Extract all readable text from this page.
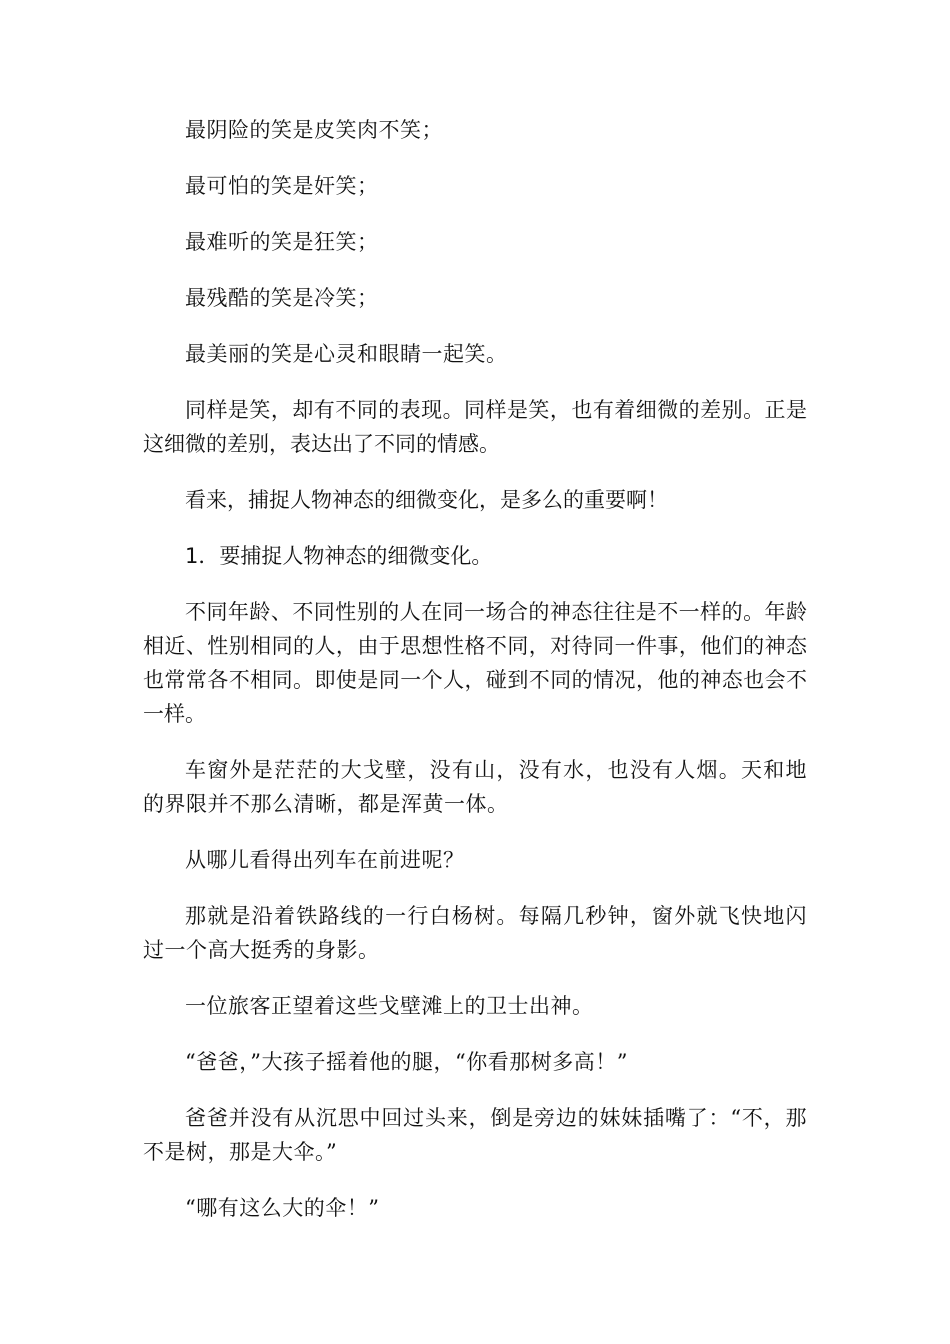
最阴险的笑是皮笑肉不笑；

最可怕的笑是奸笑；

最难听的笑是狂笑；

最残酷的笑是冷笑；

最美丽的笑是心灵和眼睛一起笑。

同样是笑，却有不同的表现。同样是笑，也有着细微的差别。正是这细微的差别，表达出了不同的情感。

看来，捕捉人物神态的细微变化，是多么的重要啊！

1．要捕捉人物神态的细微变化。

不同年龄、不同性别的人在同一场合的神态往往是不一样的。年龄相近、性别相同的人，由于思想性格不同，对待同一件事，他们的神态也常常各不相同。即使是同一个人，碰到不同的情况，他的神态也会不一样。

车窗外是茫茫的大戈壁，没有山，没有水，也没有人烟。天和地的界限并不那么清晰，都是浑黄一体。

从哪儿看得出列车在前进呢？

那就是沿着铁路线的一行白杨树。每隔几秒钟，窗外就飞快地闪过一个高大挺秀的身影。

一位旅客正望着这些戈壁滩上的卫士出神。

“爸爸，”大孩子摇着他的腿，“你看那树多高！”

爸爸并没有从沉思中回过头来，倒是旁边的妹妹插嘴了：“不，那不是树，那是大伞。”

“哪有这么大的伞！”
